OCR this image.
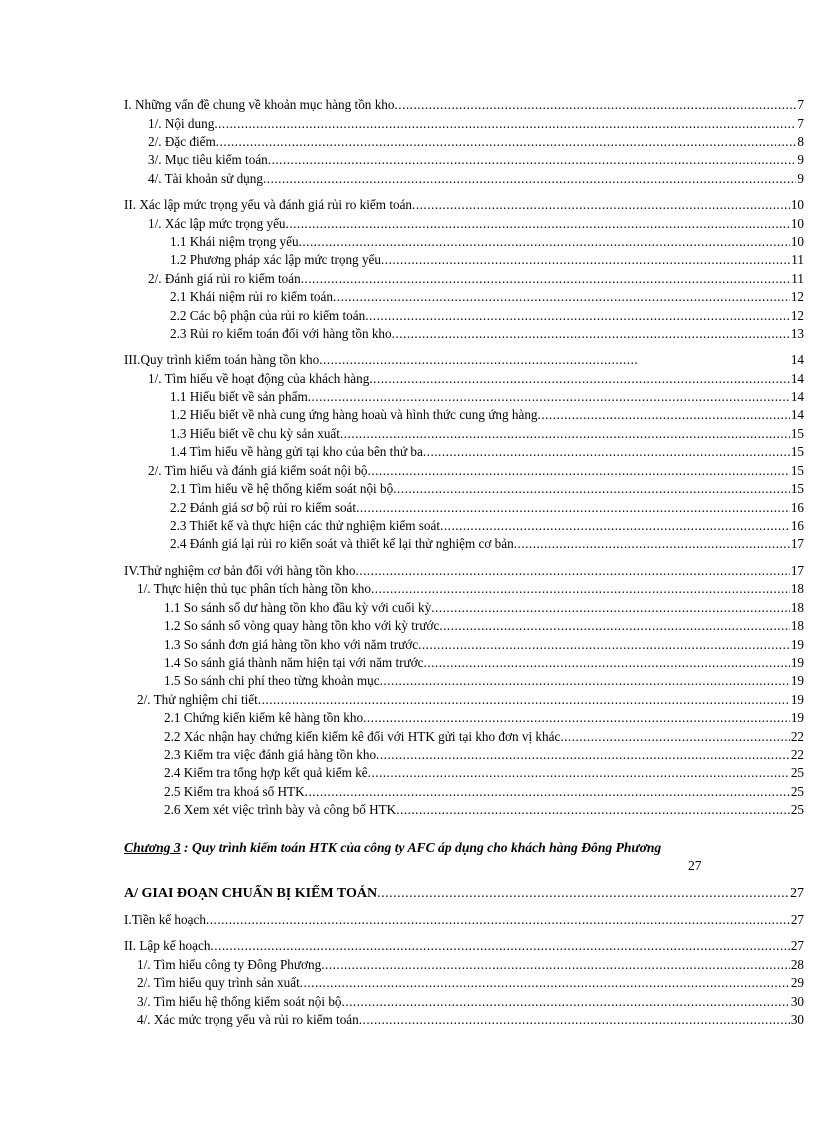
I. Những vấn đề chung về khoản mục hàng tồn kho .....	7
1/. Nội dung .....	7
2/. Đặc điểm .....	8
3/. Mục tiêu kiểm toán .....	9
4/. Tài khoản sử dụng .....	9
II. Xác lập mức trọng yếu và đánh giá rủi ro kiểm toán .....	10
1/. Xác lập mức trọng yếu .....	10
1.1 Khái niệm trọng yếu .....	10
1.2 Phương pháp xác lập mức trọng yếu .....	11
2/. Đánh giá rủi ro kiểm toán .....	11
2.1 Khái niệm rủi ro kiểm toán .....	12
2.2 Các bộ phận của rủi ro kiểm toán .....	12
2.3 Rủi ro kiểm toán đối với hàng tồn kho .....	13
III.Quy trình kiểm toán hàng tồn kho .....	14
1/. Tìm hiểu về hoạt động của khách hàng .....	14
1.1 Hiểu biết về sản phẩm .....	14
1.2 Hiểu biết về nhà cung ứng hàng hoaù và hình thức cung ứng hàng .....	14
1.3 Hiểu biết về chu kỳ sản xuất .....	15
1.4 Tìm hiểu về hàng gửi tại kho của bên thứ ba .....	15
2/. Tìm hiểu và đánh giá kiểm soát nội bộ .....	15
2.1 Tìm hiểu về hệ thống kiểm soát nội bộ .....	15
2.2 Đánh giá sơ bộ rủi ro kiểm soát .....	16
2.3 Thiết kế và thực hiện các thử nghiệm kiểm soát .....	16
2.4 Đánh giá lại rủi ro kiển soát và thiết kế lại thử nghiệm cơ bản .....	17
IV.Thử nghiệm cơ bản đối với hàng tồn kho .....	17
1/. Thực hiện thủ tục phân tích hàng tồn kho .....	18
1.1 So sánh số dư hàng tồn kho đầu kỳ với cuối kỳ .....	18
1.2 So sánh số vòng quay hàng tồn kho với kỳ trước .....	18
1.3 So sánh đơn giá hàng tồn kho với năm trước .....	19
1.4 So sánh giá thành năm hiện tại với năm trước .....	19
1.5 So sánh chi phí theo từng khoản mục .....	19
2/. Thử nghiệm chi tiết .....	19
2.1 Chứng kiến kiểm kê hàng tồn kho .....	19
2.2 Xác nhận hay chứng kiến kiểm kê đối với HTK gửi tại kho đơn vị khác .....	22
2.3 Kiểm tra việc đánh giá hàng tồn kho .....	22
2.4 Kiểm tra tổng hợp kết quả kiểm kê .....	25
2.5 Kiểm tra khoá sổ HTK .....	25
2.6 Xem xét việc trình bày và công bố HTK .....	25
Chương 3 : Quy trình kiểm toán HTK của công ty AFC áp dụng cho khách hàng Đông Phương
27
A/ GIAI ĐOẠN CHUẨN BỊ KIỂM TOÁN .....	27
I.Tiền kế hoạch .....	27
II. Lập kế hoạch .....	27
1/. Tìm hiểu công ty Đông Phương .....	28
2/. Tìm hiểu quy trình sản xuất .....	29
3/. Tìm hiểu hệ thống kiểm soát nội bộ .....	30
4/. Xác mức trọng yếu và rủi ro kiểm toán .....	30
